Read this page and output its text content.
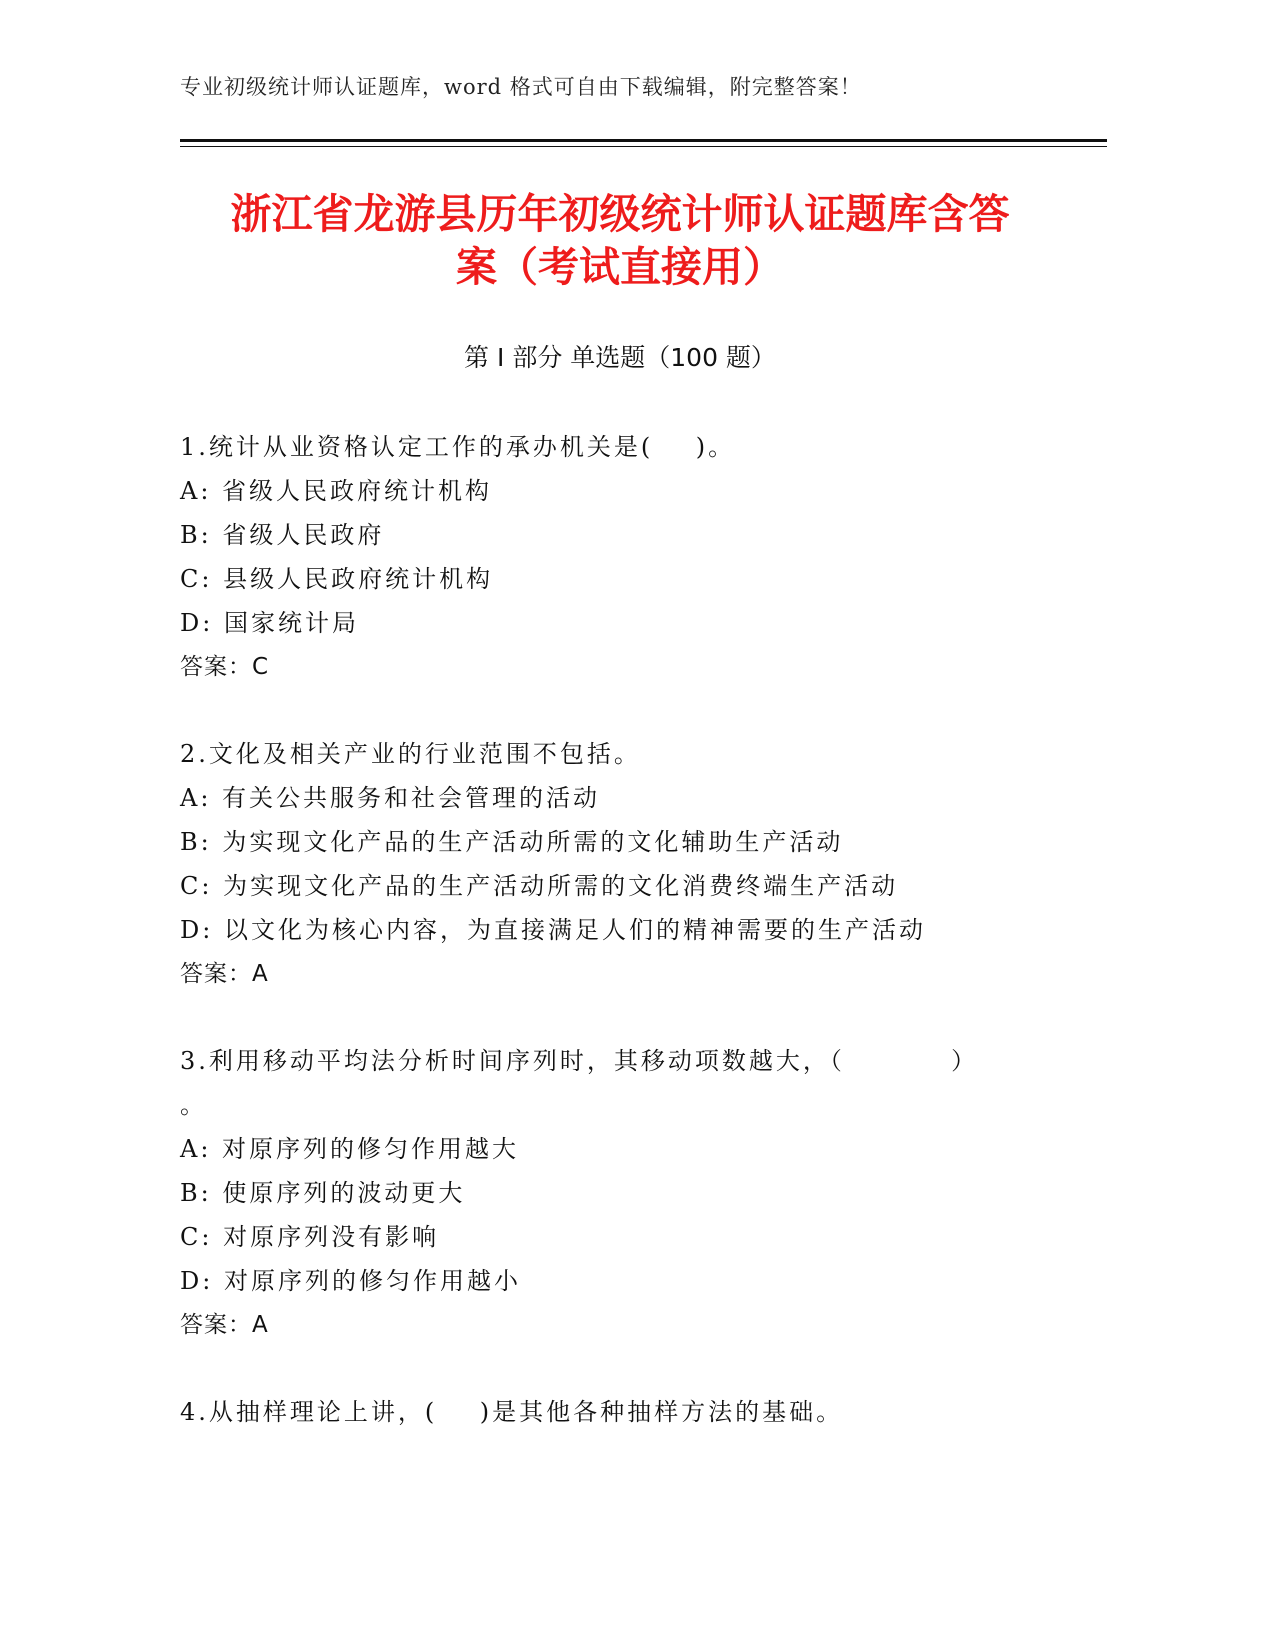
专业初级统计师认证题库，word 格式可自由下载编辑，附完整答案！
浙江省龙游县历年初级统计师认证题库含答
案（考试直接用）
第 I 部分 单选题（100 题）
1.统计从业资格认定工作的承办机关是(    )。
A: 省级人民政府统计机构
B: 省级人民政府
C: 县级人民政府统计机构
D: 国家统计局
答案：C
2.文化及相关产业的行业范围不包括。
A: 有关公共服务和社会管理的活动
B: 为实现文化产品的生产活动所需的文化辅助生产活动
C: 为实现文化产品的生产活动所需的文化消费终端生产活动
D: 以文化为核心内容，为直接满足人们的精神需要的生产活动
答案：A
3.利用移动平均法分析时间序列时，其移动项数越大，（          ）
。
A: 对原序列的修匀作用越大
B: 使原序列的波动更大
C: 对原序列没有影响
D: 对原序列的修匀作用越小
答案：A
4.从抽样理论上讲，(    )是其他各种抽样方法的基础。
